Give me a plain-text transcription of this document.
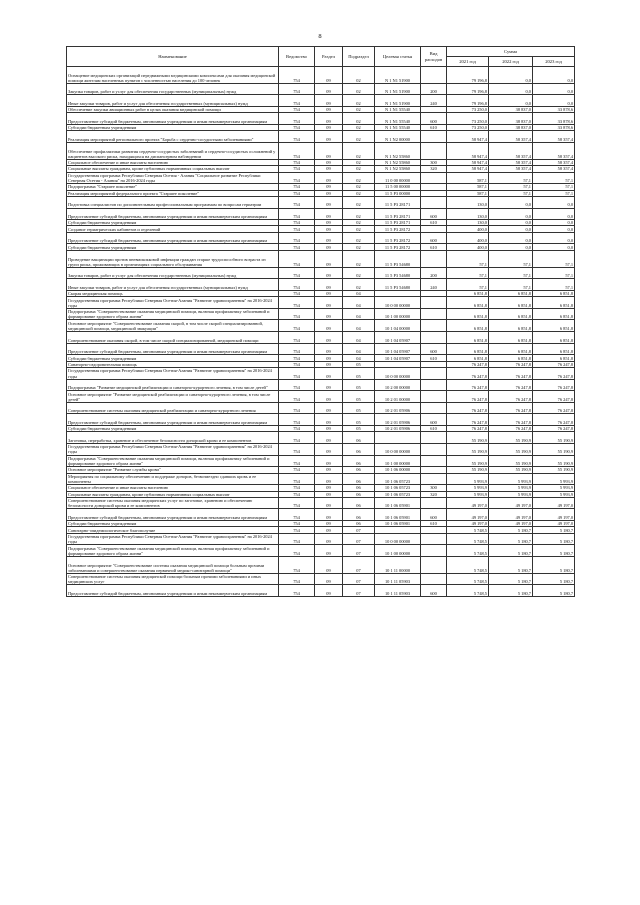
8
Наименование	Ведомство	Раздел	Подраздел	Целевая статья	Вид расходов	Сумма		
						2021 год	2022 год	2023 год
Оснащение медицинских организаций передвижными медицинскими комплексами для оказания медицинской помощи жителям населенных пунктов с численностью населения до 100 человек	754	09	02	N 1 N1 51900		79 196,8	0,0	0,0
Закупка товаров, работ и услуг для обеспечения государственных (муниципальных) нужд	754	09	02	N 1 N1 51900	200	79 196,8	0,0	0,0
Иные закупки товаров, работ и услуг для обеспечения государственных (муниципальных) нужд	754	09	02	N 1 N1 51900	240	79 196,8	0,0	0,0
Обеспечение закупки авиационных работ в целях оказания медицинской помощи	754	09	02	N 1 N1 55540		73 250,0	38 837,0	33 878,6
Предоставление субсидий бюджетным, автономным учреждениям и иным некоммерческим организациям	754	09	02	N 1 N1 55540	600	73 250,0	38 837,0	33 878,6
Субсидии бюджетным учреждениям	754	09	02	N 1 N1 55540	610	73 250,0	38 837,0	33 878,6
Реализация мероприятий регионального проекта "Борьба с сердечно-сосудистыми заболеваниями"	754	09	02	N 1 N2 00000		58 947,4	58 357,4	58 357,4
Обеспечение профилактики развития сердечно-сосудистых заболеваний и сердечно-сосудистых осложнений у пациентов высокого риска, находящихся на диспансерном наблюдении	754	09	02	N 1 N2 55860		58 947,4	58 357,4	58 357,4
Социальное обеспечение и иные выплаты населению	754	09	02	N 1 N2 55860	300	58 947,4	58 357,4	58 357,4
Социальные выплаты гражданам, кроме публичных нормативных социальных выплат	754	09	02	N 1 N2 55860	320	58 947,4	58 357,4	58 357,4
Государственная программа Республики Северная Осетия - Алания "Социальное развитие Республики Северная Осетия - Алания" на 2016-2024 годы	754	09	02	11 0 00 00000		587,1	57,1	57,1
Подпрограмма "Старшее поколение"	754	09	02	11 5 00 00000		587,1	57,1	57,1
Реализация мероприятий федерального проекта "Старшее поколение"	754	09	02	11 5 P3 00000		587,1	57,1	57,1
Подготовка специалистов по дополнительным профессиональным программам по вопросам гериатрии	754	09	02	11 5 P3 28171		130,0	0,0	0,0
Предоставление субсидий бюджетным, автономным учреждениям и иным некоммерческим организациям	754	09	02	11 5 P3 28171	600	130,0	0,0	0,0
Субсидии бюджетным учреждениям	754	09	02	11 5 P3 28171	610	130,0	0,0	0,0
Создание гериатрических кабинетов и отделений	754	09	02	11 5 P3 28172		400,0	0,0	0,0
Предоставление субсидий бюджетным, автономным учреждениям и иным некоммерческим организациям	754	09	02	11 5 P3 28172	600	400,0	0,0	0,0
Субсидии бюджетным учреждениям	754	09	02	11 5 P3 28172	610	400,0	0,0	0,0
Проведение вакцинации против пневмококковой инфекции граждан старше трудоспособного возраста из групп риска, проживающих в организациях социального обслуживания	754	09	02	11 5 P3 54680		57,1	57,1	57,1
Закупка товаров, работ и услуг для обеспечения государственных (муниципальных) нужд	754	09	02	11 5 P3 54680	200	57,1	57,1	57,1
Иные закупки товаров, работ и услуг для обеспечения государственных (муниципальных) нужд	754	09	02	11 5 P3 54680	240	57,1	57,1	57,1
Скорая медицинская помощь	754	09	04			6 851,8	6 851,8	6 851,8
Государственная программа Республики Северная Осетия-Алания "Развитие здравоохранения" на 2016-2024 годы	754	09	04	10 0 00 00000		6 851,8	6 851,8	6 851,8
Подпрограмма "Совершенствование оказания медицинской помощи, включая профилактику заболеваний и формирование здорового образа жизни"	754	09	04	10 1 00 00000		6 851,8	6 851,8	6 851,8
Основное мероприятие "Совершенствование оказания скорой, в том числе скорой специализированной, медицинской помощи, медицинской эвакуации"	754	09	04	10 1 04 00000		6 851,8	6 851,8	6 851,8
Совершенствование оказания скорой, в том числе скорой специализированной, медицинской помощи	754	09	04	10 1 04 05907		6 851,8	6 851,8	6 851,8
Предоставление субсидий бюджетным, автономным учреждениям и иным некоммерческим организациям	754	09	04	10 1 04 05907	600	6 851,8	6 851,8	6 851,8
Субсидии бюджетным учреждениям	754	09	04	10 1 04 05907	610	6 851,8	6 851,8	6 851,8
Санаторно-оздоровительная помощь	754	09	05			76 247,8	76 247,8	76 247,8
Государственная программа Республики Северная Осетия-Алания "Развитие здравоохранения" на 2016-2024 годы	754	09	05	10 0 00 00000		76 247,8	76 247,8	76 247,8
Подпрограмма "Развитие медицинской реабилитации и санаторно-курортного лечения, в том числе детей"	754	09	05	10 2 00 00000		76 247,8	76 247,8	76 247,8
Основное мероприятие "Развитие медицинской реабилитации и санаторно-курортного лечения, в том числе детей"	754	09	05	10 2 01 00000		76 247,8	76 247,8	76 247,8
Совершенствование системы оказания медицинской реабилитации и санаторно-курортного лечения	754	09	05	10 2 01 05906		76 247,8	76 247,8	76 247,8
Предоставление субсидий бюджетным, автономным учреждениям и иным некоммерческим организациям	754	09	05	10 2 01 05906	600	76 247,8	76 247,8	76 247,8
Субсидии бюджетным учреждениям	754	09	05	10 2 01 05906	610	76 247,8	76 247,8	76 247,8
Заготовка, переработка, хранение и обеспечение безопасности донорской крови и ее компонентов	754	09	06			55 190,9	55 190,9	55 190,9
Государственная программа Республики Северная Осетия-Алания "Развитие здравоохранения" на 2016-2024 годы	754	09	06	10 0 00 00000		55 190,9	55 190,9	55 190,9
Подпрограмма "Совершенствование оказания медицинской помощи, включая профилактику заболеваний и формирование здорового образа жизни"	754	09	06	10 1 00 00000		55 190,9	55 190,9	55 190,9
Основное мероприятие "Развитие службы крови"	754	09	06	10 1 06 00000		55 190,9	55 190,9	55 190,9
Мероприятия по социальному обеспечению и поддержке доноров, безвозмездно сдавших кровь и ее компоненты	754	09	06	10 1 06 05723		5 993,9	5 993,9	5 993,9
Социальное обеспечение и иные выплаты населению	754	09	06	10 1 06 05723	300	5 993,9	5 993,9	5 993,9
Социальные выплаты гражданам, кроме публичных нормативных социальных выплат	754	09	06	10 1 06 05723	320	5 993,9	5 993,9	5 993,9
Совершенствование системы оказания медицинских услуг по заготовке, хранению и обеспечению безопасности донорской крови и ее компонентов	754	09	06	10 1 06 05901		49 197,0	49 197,0	49 197,0
Предоставление субсидий бюджетным, автономным учреждениям и иным некоммерческим организациям	754	09	06	10 1 06 05901	600	49 197,0	49 197,0	49 197,0
Субсидии бюджетным учреждениям	754	09	06	10 1 06 05901	610	49 197,0	49 197,0	49 197,0
Санитарно-эпидемиологическое благополучие	754	09	07			5 748,5	5 180,7	5 180,7
Государственная программа Республики Северная Осетия-Алания "Развитие здравоохранения" на 2016-2024 годы	754	09	07	10 0 00 00000		5 748,5	5 180,7	5 180,7
Подпрограмма "Совершенствование оказания медицинской помощи, включая профилактику заболеваний и формирование здорового образа жизни"	754	09	07	10 1 00 00000		5 748,5	5 180,7	5 180,7
Основное мероприятие "Совершенствование системы оказания медицинской помощи больным прочими заболеваниями и совершенствование оказания первичной медико-санитарной помощи"	754	09	07	10 1 11 00000		5 748,5	5 180,7	5 180,7
Совершенствование системы оказания медицинской помощи больным прочими заболеваниями и иных медицинских услуг	754	09	07	10 1 11 05903		5 748,5	5 180,7	5 180,7
Предоставление субсидий бюджетным, автономным учреждениям и иным некоммерческим организациям	754	09	07	10 1 11 05903	600	5 748,5	5 180,7	5 180,7
